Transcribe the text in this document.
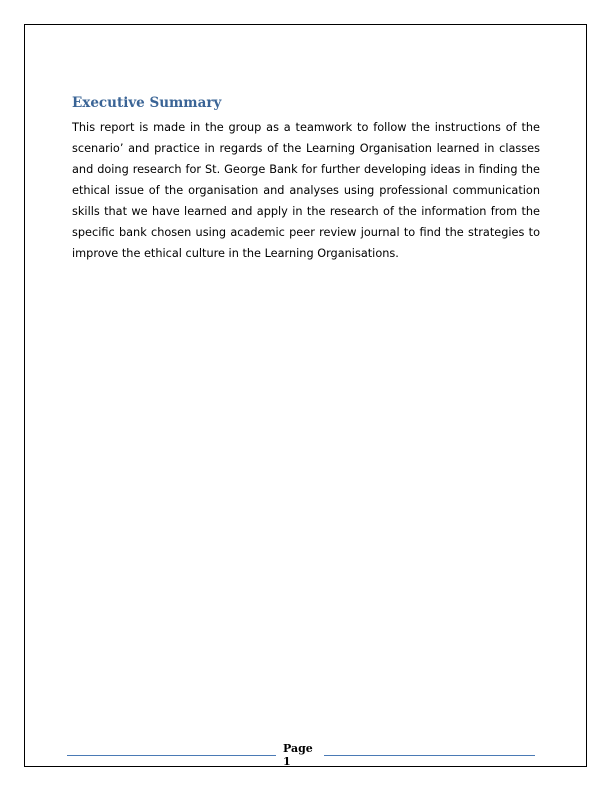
Executive Summary

This report is made in the group as a teamwork to follow the instructions of the scenario’ and practice in regards of the Learning Organisation learned in classes and doing research for St. George Bank for further developing ideas in finding the ethical issue of the organisation and analyses using professional communication skills that we have learned and apply in the research of the information from the specific bank chosen using academic peer review journal to find the strategies to improve the ethical culture in the Learning Organisations.

Page
1
